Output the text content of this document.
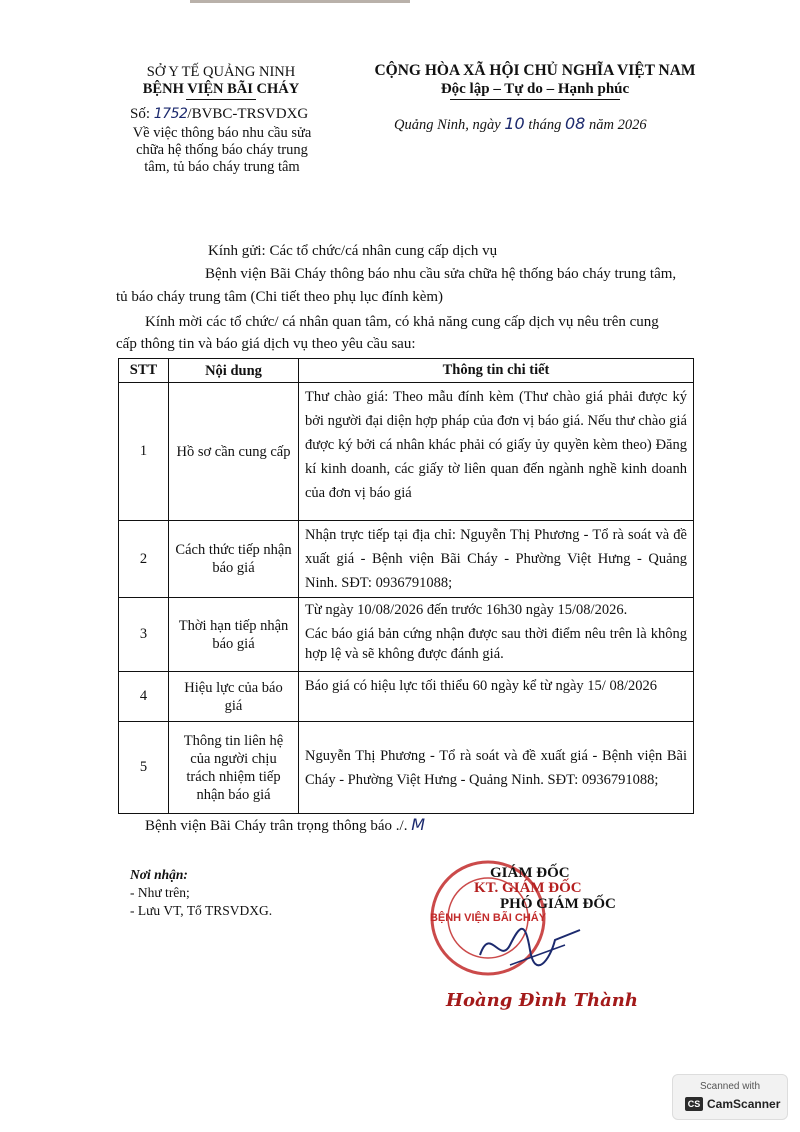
SỞ Y TẾ QUẢNG NINH
BỆNH VIỆN BÃI CHÁY
Số: 1752/BVBC-TRSVDXG
Về việc thông báo nhu cầu sửa chữa hệ thống báo cháy trung tâm, tủ báo cháy trung tâm
CỘNG HÒA XÃ HỘI CHỦ NGHĨA VIỆT NAM
Độc lập – Tự do – Hạnh phúc
Quảng Ninh, ngày 10 tháng 08 năm 2026
Kính gửi: Các tổ chức/cá nhân cung cấp dịch vụ
Bệnh viện Bãi Cháy thông báo nhu cầu sửa chữa hệ thống báo cháy trung tâm,
tủ báo cháy trung tâm (Chi tiết theo phụ lục đính kèm)
Kính mời các tổ chức/ cá nhân quan tâm, có khả năng cung cấp dịch vụ nêu trên cung
cấp thông tin và báo giá dịch vụ theo yêu cầu sau:
STT	Nội dung	Thông tin chi tiết
1	Hồ sơ cần cung cấp	Thư chào giá: Theo mẫu đính kèm (Thư chào giá phải được ký bởi người đại diện hợp pháp của đơn vị báo giá. Nếu thư chào giá được ký bởi cá nhân khác phải có giấy ủy quyền kèm theo) Đăng kí kinh doanh, các giấy tờ liên quan đến ngành nghề kinh doanh của đơn vị báo giá
2	Cách thức tiếp nhận báo giá	Nhận trực tiếp tại địa chỉ: Nguyễn Thị Phương - Tổ rà soát và đề xuất giá - Bệnh viện Bãi Cháy - Phường Việt Hưng - Quảng Ninh. SĐT: 0936791088;
3	Thời hạn tiếp nhận báo giá	Từ ngày 10/08/2026 đến trước 16h30 ngày 15/08/2026.
Các báo giá bản cứng nhận được sau thời điểm nêu trên là không hợp lệ và sẽ không được đánh giá.

4	Hiệu lực của báo giá	Báo giá có hiệu lực tối thiểu 60 ngày kể từ ngày 15/ 08/2026
5	Thông tin liên hệ của người chịu trách nhiệm tiếp nhận báo giá	Nguyễn Thị Phương - Tổ rà soát và đề xuất giá - Bệnh viện Bãi Cháy - Phường Việt Hưng - Quảng Ninh. SĐT: 0936791088;
Bệnh viện Bãi Cháy trân trọng thông báo ./. M
Nơi nhận:
- Như trên;
- Lưu VT, Tổ TRSVDXG.	BỆNH VIỆN BÃI CHÁY
GIÁM ĐỐC
KT. GIÁM ĐỐC
PHÓ GIÁM ĐỐC
Hoàng Đình Thành
Scanned with
CS CamScanner
